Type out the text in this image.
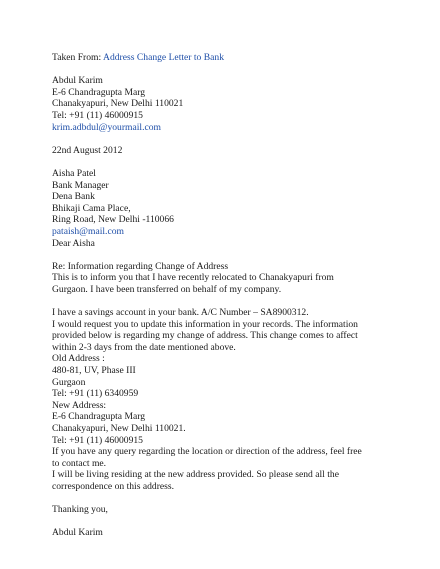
Taken From: Address Change Letter to Bank
Abdul Karim
E-6 Chandragupta Marg
Chanakyapuri, New Delhi 110021
Tel: +91 (11) 46000915
krim.adbdul@yourmail.com
22nd August 2012
Aisha Patel
Bank Manager
Dena Bank
Bhikaji Cama Place,
Ring Road, New Delhi -110066
pataish@mail.com
Dear Aisha
Re: Information regarding Change of Address
This is to inform you that I have recently relocated to Chanakyapuri from
Gurgaon. I have been transferred on behalf of my company.
I have a savings account in your bank. A/C Number – SA8900312.
I would request you to update this information in your records. The information
provided below is regarding my change of address. This change comes to affect
within 2-3 days from the date mentioned above.
Old Address :
480-81, UV, Phase III
Gurgaon
Tel: +91 (11) 6340959
New Address:
E-6 Chandragupta Marg
Chanakyapuri, New Delhi 110021.
Tel: +91 (11) 46000915
If you have any query regarding the location or direction of the address, feel free
to contact me.
I will be living residing at the new address provided. So please send all the
correspondence on this address.
Thanking you,
Abdul Karim
